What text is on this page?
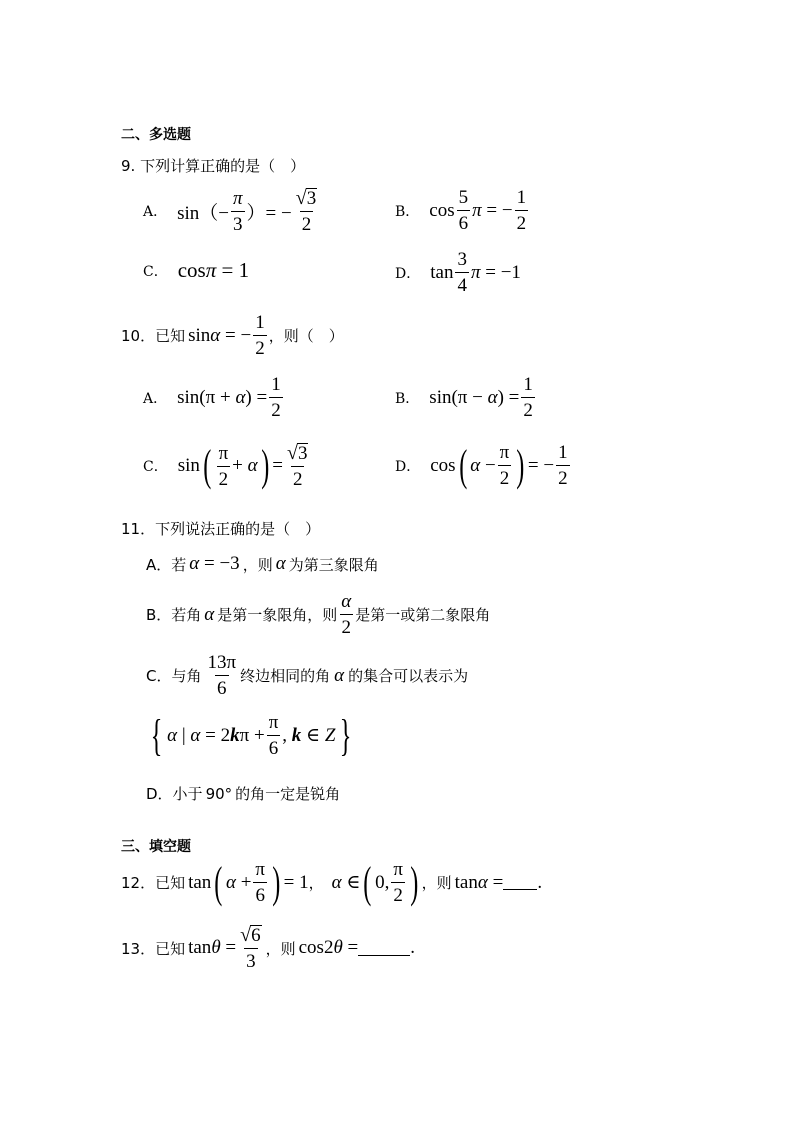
二、多选题
9. 下列计算正确的是（　）
A． $\sin(- \frac{\pi}{3}$ ）= − $\frac{√ 3}{2}$	B． $\cos \frac{5}{6}$ π = − $\frac{1}{2}$
C． cosπ = 1	D． $\tan \frac{3}{4}$ π = −1
10．已知 sinα = − $\frac{1}{2}$ ，则（　）
A． $\sin(\pi + \alpha) = \frac{1}{2}$	B． $\sin(\pi - \alpha) = \frac{1}{2}$
C． sin ( $\frac{\pi}{2} + \alpha$ ) = $\frac{√ 3}{2}$	D． cos ( $\alpha - \frac{\pi}{2}$ ) = − $\frac{1}{2}$
11．下列说法正确的是（　）
A．若 α = −3 ，则 α 为第三象限角
B．若角 α 是第一象限角，则 $\frac{\alpha}{2}$ 是第一或第二象限角
C．与角 $\frac{13\pi}{6}$ 终边相同的角 α 的集合可以表示为
{ α | $\alpha = 2k\pi + \frac{\pi}{6}$ , k ∈ Z }
D．小于 90° 的角一定是锐角
三、填空题
12．已知 tan ( $\alpha + \frac{\pi}{6}$ ) = 1 ， α ∈ ( 0, $\frac{\pi}{2}$ ) ，则 tanα = .
13．已知 $\tan\theta = \frac{√ 6}{3}$ ，则 cos2θ =	.
